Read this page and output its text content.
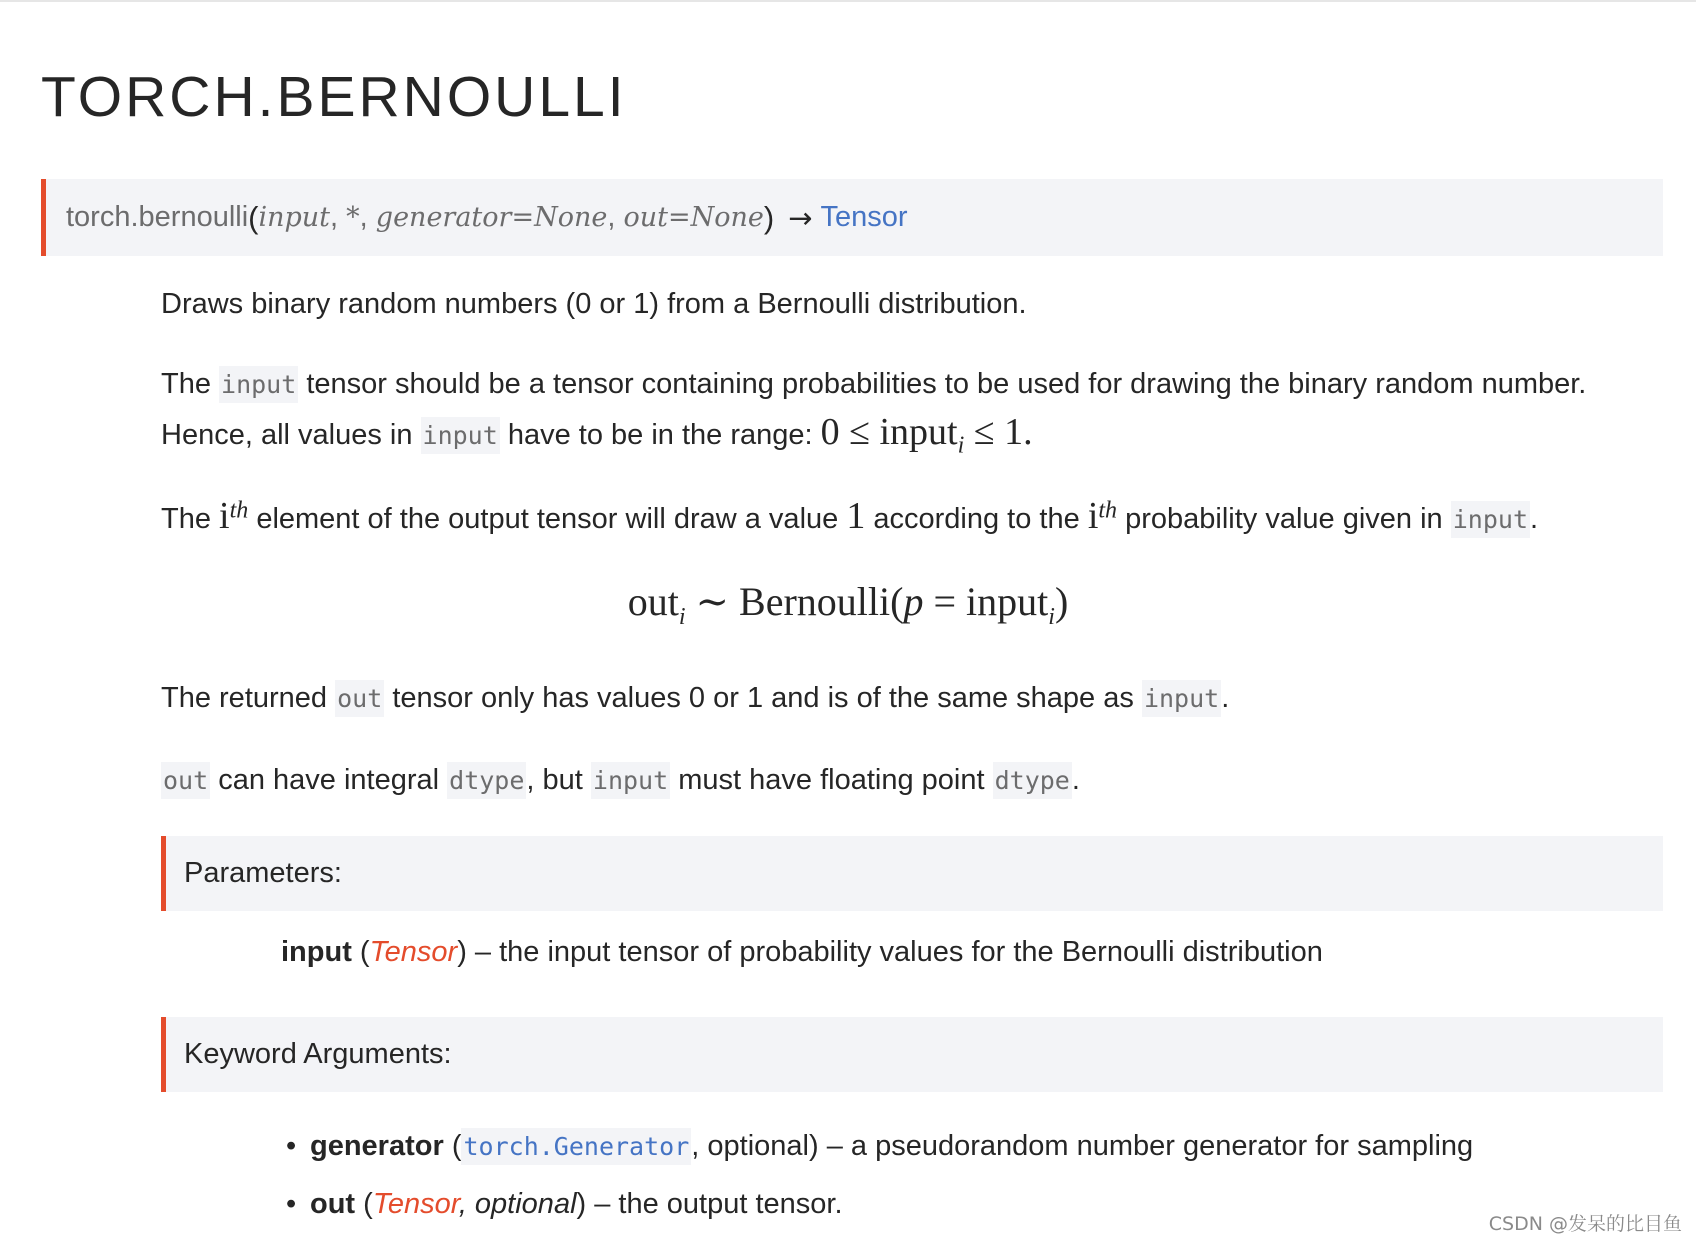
TORCH.BERNOULLI
torch.bernoulli ( input ,
* ,
generator=None ,
out=None ) → Tensor

Draws binary random numbers (0 or 1) from a Bernoulli distribution.

The input tensor should be a tensor containing probabilities to be used for drawing the binary random number.

Hence, all values in input have to be in the range: 0 ≤ input$_i$ ≤ 1.

The $i^{th}$ element of the output tensor will draw a value 1 according to the $i^{th}$ probability value given in input.

out$_i$ ∼ Bernoulli(p = input$_i$)

The returned out tensor only has values 0 or 1 and is of the same shape as input.

out can have integral dtype, but input must have floating point dtype.

Parameters:
input (Tensor) – the input tensor of probability values for the Bernoulli distribution
Keyword Arguments:
• generator (torch.Generator, optional) – a pseudorandom number generator for sampling
• out (Tensor, optional) – the output tensor.
CSDN @发呆的比目鱼
